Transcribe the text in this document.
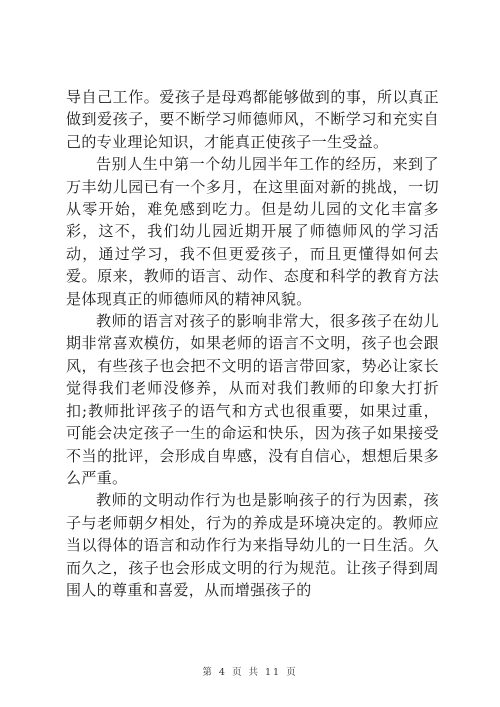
导自己工作。爱孩子是母鸡都能够做到的事，所以真正做到爱孩子，要不断学习师德师风，不断学习和充实自己的专业理论知识，才能真正使孩子一生受益。

告别人生中第一个幼儿园半年工作的经历，来到了万丰幼儿园已有一个多月，在这里面对新的挑战，一切从零开始，难免感到吃力。但是幼儿园的文化丰富多彩，这不，我们幼儿园近期开展了师德师风的学习活动，通过学习，我不但更爱孩子，而且更懂得如何去爱。原来，教师的语言、动作、态度和科学的教育方法是体现真正的师德师风的精神风貌。

教师的语言对孩子的影响非常大，很多孩子在幼儿期非常喜欢模仿，如果老师的语言不文明，孩子也会跟风，有些孩子也会把不文明的语言带回家，势必让家长觉得我们老师没修养，从而对我们教师的印象大打折扣;教师批评孩子的语气和方式也很重要，如果过重，可能会决定孩子一生的命运和快乐，因为孩子如果接受不当的批评，会形成自卑感，没有自信心，想想后果多么严重。

教师的文明动作行为也是影响孩子的行为因素，孩子与老师朝夕相处，行为的养成是环境决定的。教师应当以得体的语言和动作行为来指导幼儿的一日生活。久而久之，孩子也会形成文明的行为规范。让孩子得到周围人的尊重和喜爱，从而增强孩子的

第 4 页 共 11 页
